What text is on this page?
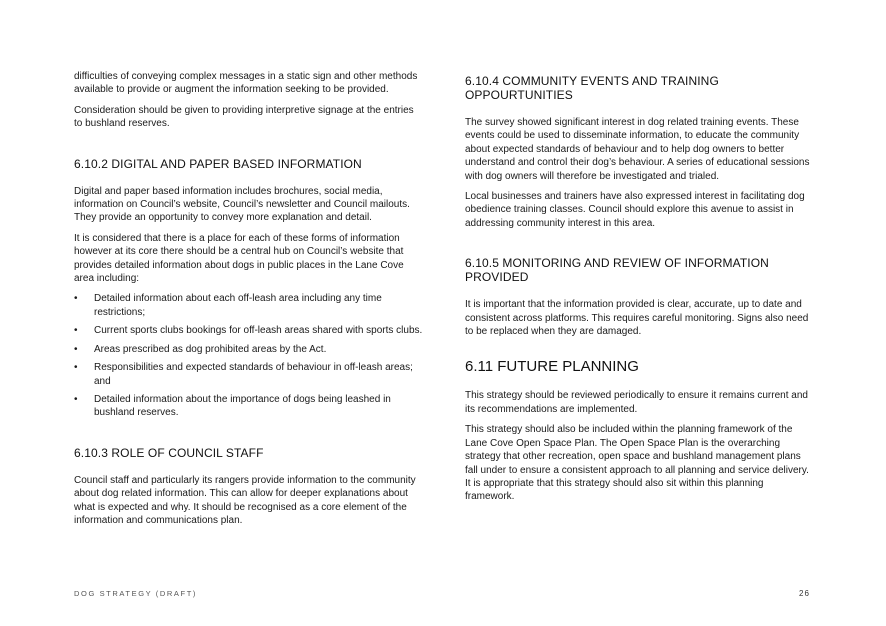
difficulties of conveying complex messages in a static sign and other methods available to provide or augment the information seeking to be provided.

Consideration should be given to providing interpretive signage at the entries to bushland reserves.

6.10.2 DIGITAL AND PAPER BASED INFORMATION

Digital and paper based information includes brochures, social media, information on Council’s website, Council’s newsletter and Council mailouts. They provide an opportunity to convey more explanation and detail.

It is considered that there is a place for each of these forms of information however at its core there should be a central hub on Council’s website that provides detailed information about dogs in public places in the Lane Cove area including:

• Detailed information about each off-leash area including any time restrictions;
• Current sports clubs bookings for off-leash areas shared with sports clubs.
• Areas prescribed as dog prohibited areas by the Act.
• Responsibilities and expected standards of behaviour in off-leash areas; and
• Detailed information about the importance of dogs being leashed in bushland reserves.
6.10.3 ROLE OF COUNCIL STAFF

Council staff and particularly its rangers provide information to the community about dog related information. This can allow for deeper explanations about what is expected and why. It should be recognised as a core element of the information and communications plan.

6.10.4 COMMUNITY EVENTS AND TRAINING OPPOURTUNITIES

The survey showed significant interest in dog related training events. These events could be used to disseminate information, to educate the community about expected standards of behaviour and to help dog owners to better understand and control their dog’s behaviour. A series of educational sessions with dog owners will therefore be investigated and trialed.

Local businesses and trainers have also expressed interest in facilitating dog obedience training classes. Council should explore this avenue to assist in addressing community interest in this area.

6.10.5 MONITORING AND REVIEW OF INFORMATION PROVIDED

It is important that the information provided is clear, accurate, up to date and consistent across platforms. This requires careful monitoring. Signs also need to be replaced when they are damaged.

6.11 FUTURE PLANNING

This strategy should be reviewed periodically to ensure it remains current and its recommendations are implemented.

This strategy should also be included within the planning framework of the Lane Cove Open Space Plan. The Open Space Plan is the overarching strategy that other recreation, open space and bushland management plans fall under to ensure a consistent approach to all planning and service delivery. It is appropriate that this strategy should also sit within this planning framework.

DOG STRATEGY (DRAFT)	26
